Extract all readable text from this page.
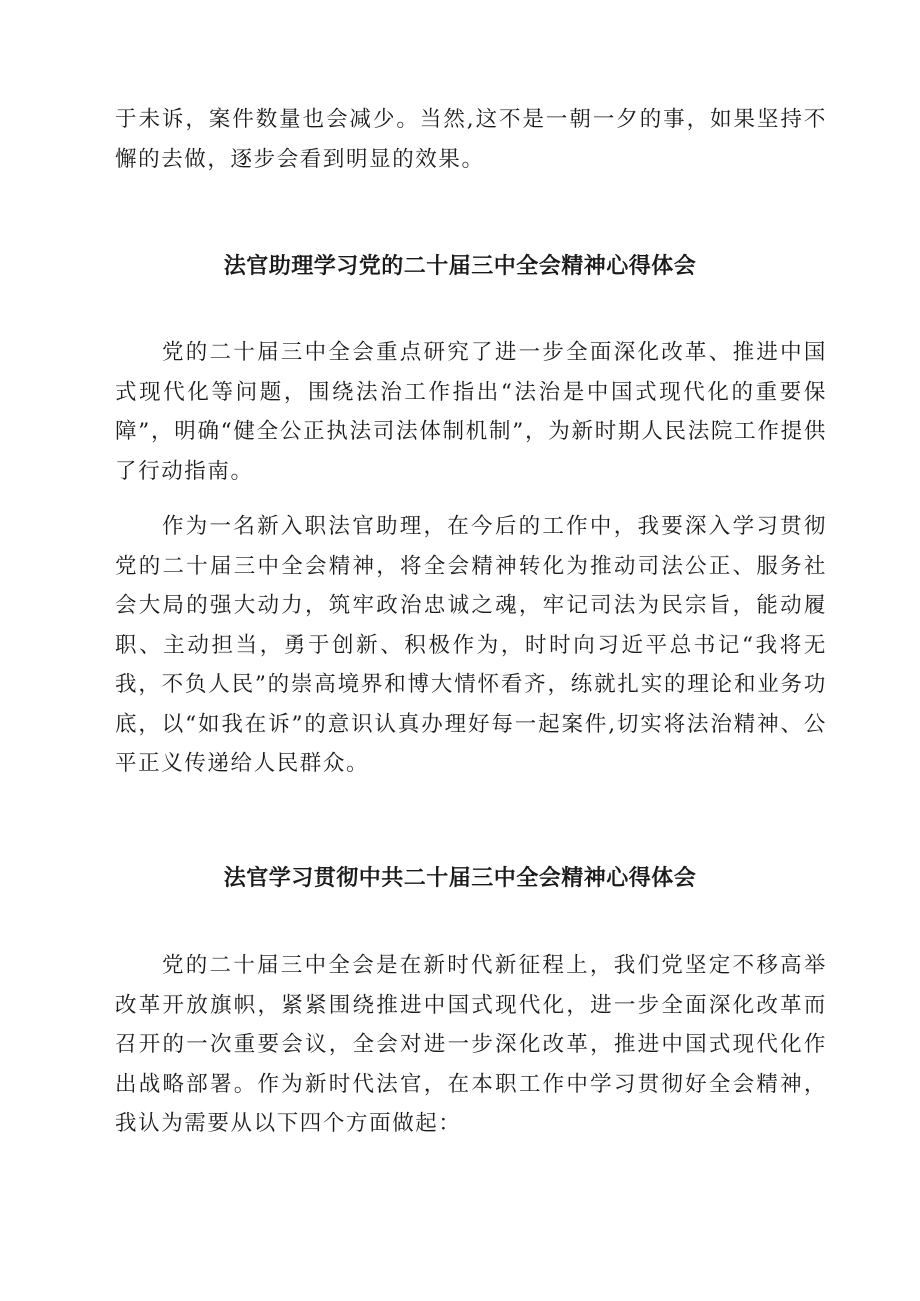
于未诉，案件数量也会减少。当然,这不是一朝一夕的事，如果坚持不懈的去做，逐步会看到明显的效果。

法官助理学习党的二十届三中全会精神心得体会

党的二十届三中全会重点研究了进一步全面深化改革、推进中国式现代化等问题，围绕法治工作指出“法治是中国式现代化的重要保障”，明确“健全公正执法司法体制机制”，为新时期人民法院工作提供了行动指南。

作为一名新入职法官助理，在今后的工作中，我要深入学习贯彻党的二十届三中全会精神，将全会精神转化为推动司法公正、服务社会大局的强大动力，筑牢政治忠诚之魂，牢记司法为民宗旨，能动履职、主动担当，勇于创新、积极作为，时时向习近平总书记“我将无我，不负人民”的崇高境界和博大情怀看齐，练就扎实的理论和业务功底，以“如我在诉”的意识认真办理好每一起案件,切实将法治精神、公平正义传递给人民群众。

法官学习贯彻中共二十届三中全会精神心得体会

党的二十届三中全会是在新时代新征程上，我们党坚定不移高举改革开放旗帜，紧紧围绕推进中国式现代化，进一步全面深化改革而召开的一次重要会议，全会对进一步深化改革，推进中国式现代化作出战略部署。作为新时代法官，在本职工作中学习贯彻好全会精神，我认为需要从以下四个方面做起：
